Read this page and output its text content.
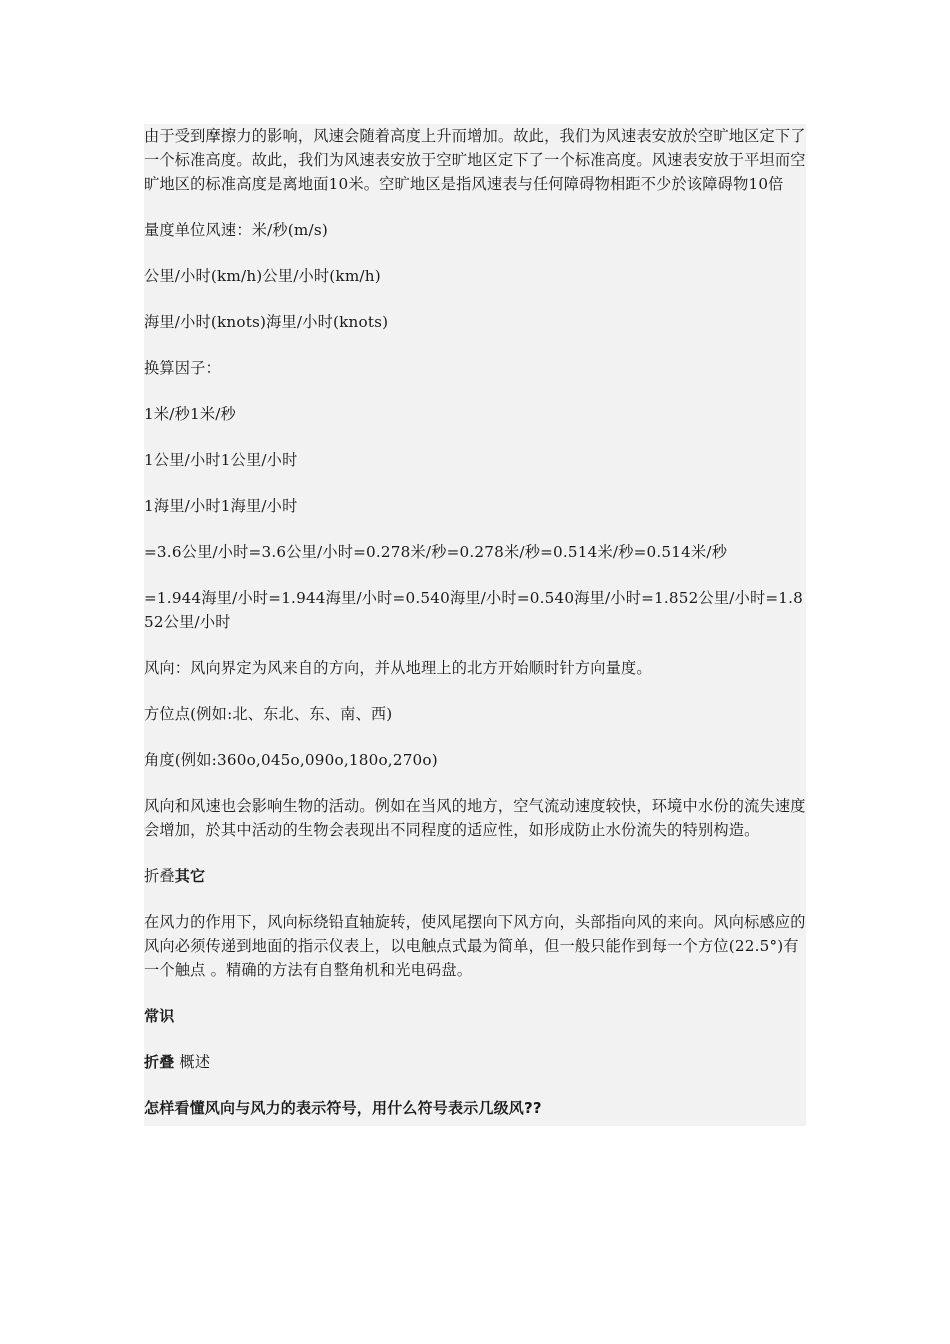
由于受到摩擦力的影响，风速会随着高度上升而增加。故此，我们为风速表安放於空旷地区定下了一个标准高度。故此，我们为风速表安放于空旷地区定下了一个标准高度。风速表安放于平坦而空旷地区的标准高度是离地面10米。空旷地区是指风速表与任何障碍物相距不少於该障碍物10倍

量度单位风速：米/秒(m/s)

公里/小时(km/h)公里/小时(km/h)

海里/小时(knots)海里/小时(knots)

换算因子：

1米/秒1米/秒

1公里/小时1公里/小时

1海里/小时1海里/小时

=3.6公里/小时=3.6公里/小时=0.278米/秒=0.278米/秒=0.514米/秒=0.514米/秒

=1.944海里/小时=1.944海里/小时=0.540海里/小时=0.540海里/小时=1.852公里/小时=1.852公里/小时

风向：风向界定为风来自的方向，并从地理上的北方开始顺时针方向量度。

方位点(例如:北、东北、东、南、西)

角度(例如:360o,045o,090o,180o,270o)

风向和风速也会影响生物的活动。例如在当风的地方，空气流动速度较快，环境中水份的流失速度会增加，於其中活动的生物会表现出不同程度的适应性，如形成防止水份流失的特别构造。

折叠其它

在风力的作用下，风向标绕铅直轴旋转，使风尾摆向下风方向，头部指向风的来向。风向标感应的风向必须传递到地面的指示仪表上，以电触点式最为简单，但一般只能作到每一个方位(22.5°)有一个触点 。精确的方法有自整角机和光电码盘。

常识

折叠 概述

怎样看懂风向与风力的表示符号，用什么符号表示几级风??
